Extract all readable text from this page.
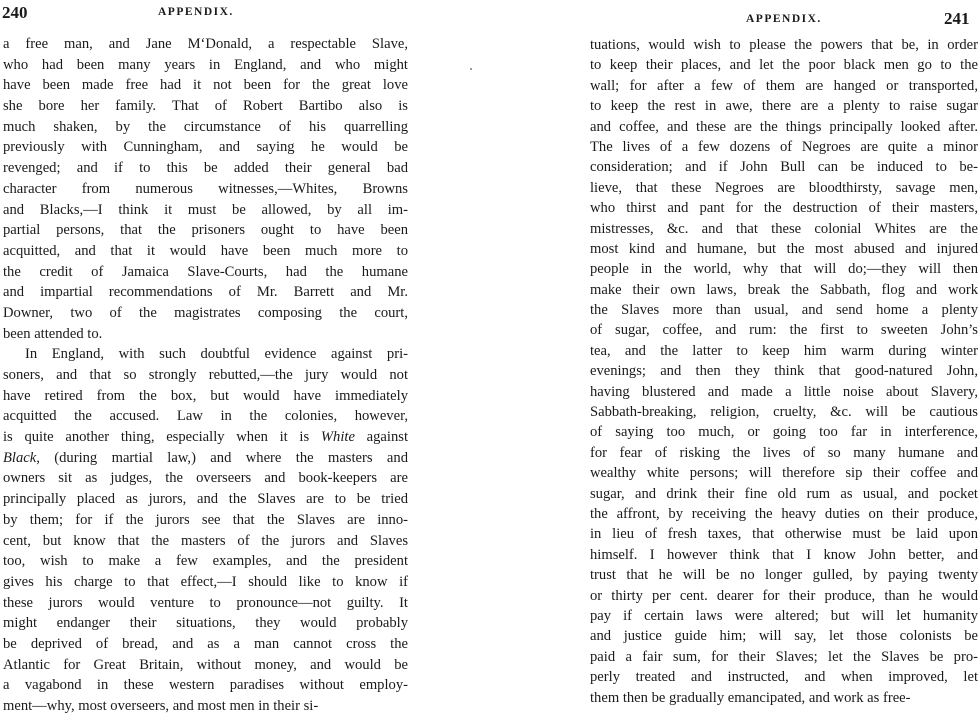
240	APPENDIX.
a free man, and Jane M‘Donald, a respectable Slave,
who had been many years in England, and who might
have been made free had it not been for the great love
she bore her family. That of Robert Bartibo also is
much shaken, by the circumstance of his quarrelling
previously with Cunningham, and saying he would be
revenged; and if to this be added their general bad
character from numerous witnesses,—Whites, Browns
and Blacks,—I think it must be allowed, by all im-
partial persons, that the prisoners ought to have been
acquitted, and that it would have been much more to
the credit of Jamaica Slave-Courts, had the humane
and impartial recommendations of Mr. Barrett and Mr.
Downer, two of the magistrates composing the court,
been attended to.
In England, with such doubtful evidence against pri-
soners, and that so strongly rebutted,—the jury would not
have retired from the box, but would have immediately
acquitted the accused. Law in the colonies, however,
is quite another thing, especially when it is White against
Black, (during martial law,) and where the masters and
owners sit as judges, the overseers and book-keepers are
principally placed as jurors, and the Slaves are to be tried
by them; for if the jurors see that the Slaves are inno-
cent, but know that the masters of the jurors and Slaves
too, wish to make a few examples, and the president
gives his charge to that effect,—I should like to know if
these jurors would venture to pronounce—not guilty. It
might endanger their situations, they would probably
be deprived of bread, and as a man cannot cross the
Atlantic for Great Britain, without money, and would be
a vagabond in these western paradises without employ-
ment—why, most overseers, and most men in their si-
APPENDIX.	241
tuations, would wish to please the powers that be, in order
to keep their places, and let the poor black men go to the
wall; for after a few of them are hanged or transported,
to keep the rest in awe, there are a plenty to raise sugar
and coffee, and these are the things principally looked after.
The lives of a few dozens of Negroes are quite a minor
consideration; and if John Bull can be induced to be-
lieve, that these Negroes are bloodthirsty, savage men,
who thirst and pant for the destruction of their masters,
mistresses, &c. and that these colonial Whites are the
most kind and humane, but the most abused and injured
people in the world, why that will do;—they will then
make their own laws, break the Sabbath, flog and work
the Slaves more than usual, and send home a plenty
of sugar, coffee, and rum: the first to sweeten John’s
tea, and the latter to keep him warm during winter
evenings; and then they think that good-natured John,
having blustered and made a little noise about Slavery,
Sabbath-breaking, religion, cruelty, &c. will be cautious
of saying too much, or going too far in interference,
for fear of risking the lives of so many humane and
wealthy white persons; will therefore sip their coffee and
sugar, and drink their fine old rum as usual, and pocket
the affront, by receiving the heavy duties on their produce,
in lieu of fresh taxes, that otherwise must be laid upon
himself. I however think that I know John better, and
trust that he will be no longer gulled, by paying twenty
or thirty per cent. dearer for their produce, than he would
pay if certain laws were altered; but will let humanity
and justice guide him; will say, let those colonists be
paid a fair sum, for their Slaves; let the Slaves be pro-
perly treated and instructed, and when improved, let
them then be gradually emancipated, and work as free-
